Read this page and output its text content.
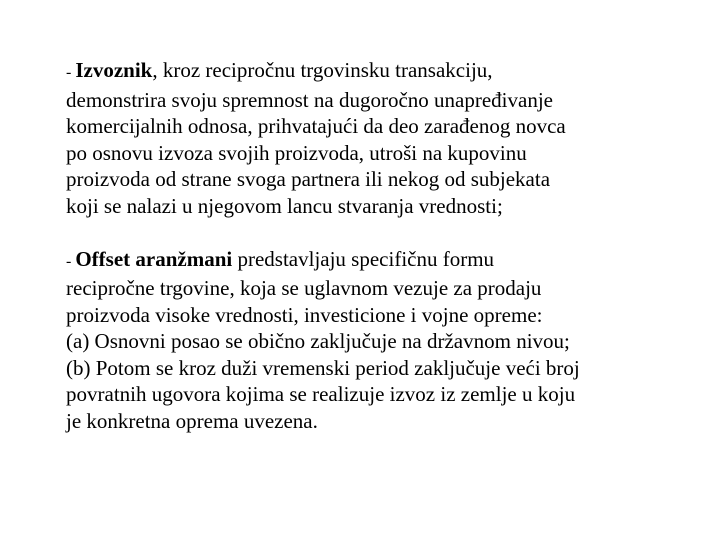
- Izvoznik, kroz recipročnu trgovinsku transakciju,
demonstrira svoju spremnost na dugoročno unapređivanje
komercijalnih odnosa, prihvatajući da deo zarađenog novca
po osnovu izvoza svojih proizvoda, utroši na kupovinu
proizvoda od strane svoga partnera ili nekog od subjekata
koji se nalazi u njegovom lancu stvaranja vrednosti;

- Offset aranžmani predstavljaju specifičnu formu
recipročne trgovine, koja se uglavnom vezuje za prodaju
proizvoda visoke vrednosti, investicione i vojne opreme:
(a) Osnovni posao se obično zaključuje na državnom nivou;
(b) Potom se kroz duži vremenski period zaključuje veći broj
povratnih ugovora kojima se realizuje izvoz iz zemlje u koju
je konkretna oprema uvezena.
